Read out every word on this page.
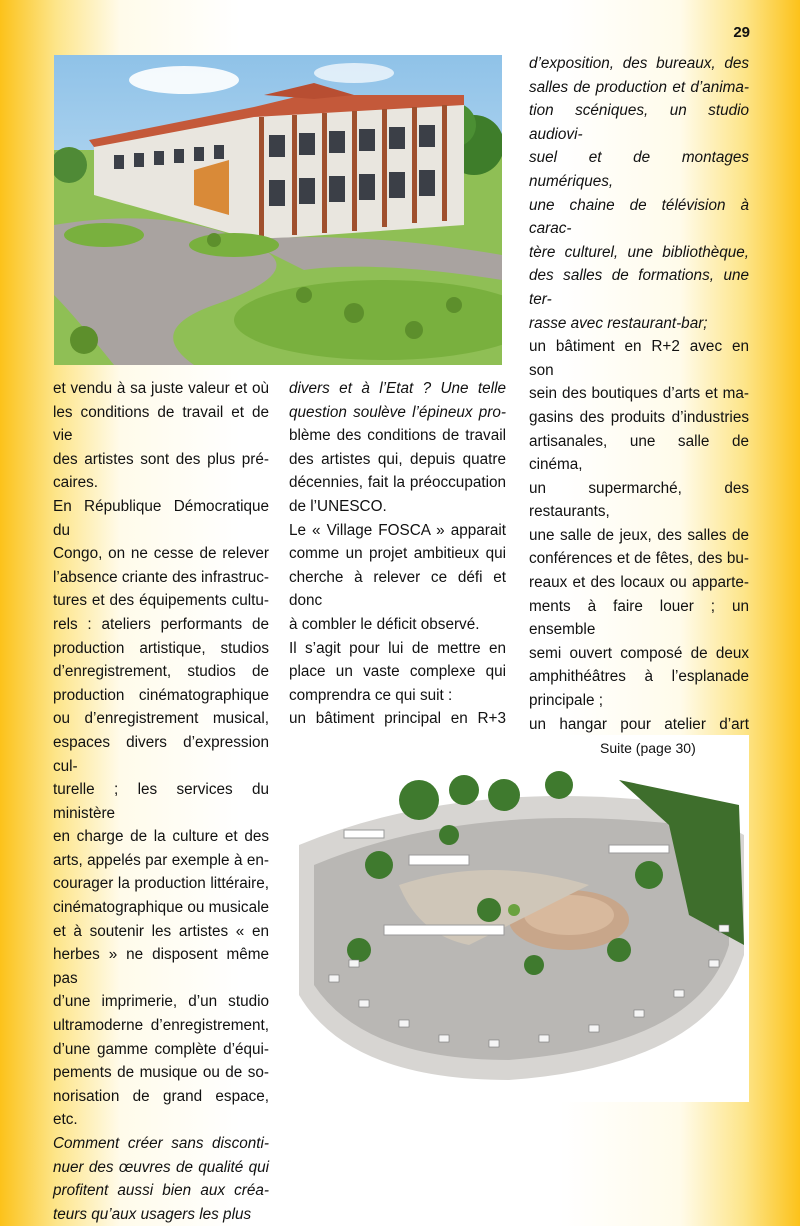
29

et vendu à sa juste valeur et où

les conditions de travail et de vie

des artistes sont des plus pré-

caires.

En République Démocratique du

Congo, on ne cesse de relever

l’absence criante des infrastruc-

tures et des équipements cultu-

rels : ateliers performants de

production artistique, studios

d’enregistrement, studios de

production cinématographique

ou d’enregistrement musical,

espaces divers d’expression cul-

turelle ; les services du ministère

en charge de la culture et des

arts, appelés par exemple à en-

courager la production littéraire,

cinématographique ou musicale

et à soutenir les artistes « en

herbes » ne disposent même pas

d’une imprimerie, d’un studio

ultramoderne d’enregistrement,

d’une gamme complète d’équi-

pements de musique ou de so-

norisation de grand espace, etc.

Comment créer sans disconti-

nuer des œuvres de qualité qui

profitent aussi bien aux créa-

teurs qu’aux usagers les plus

divers et à l’Etat ? Une telle

question soulève l’épineux pro-

blème des conditions de travail

des artistes qui, depuis quatre

décennies, fait la préoccupation

de l’UNESCO.

Le « Village FOSCA » apparait

comme un projet ambitieux qui

cherche à relever ce défi et donc

à combler le déficit observé.

Il s’agit pour lui de mettre en

place un vaste complexe qui

comprendra ce qui suit :

un bâtiment principal en R+3

d’exposition, des bureaux, des

salles de production et d’anima-

tion scéniques, un studio audiovi-

suel et de montages numériques,

une chaine de télévision à carac-

tère culturel, une bibliothèque,

des salles de formations, une ter-

rasse avec restaurant-bar;

un bâtiment en R+2 avec en son

sein des boutiques d’arts et ma-

gasins des produits d’industries

artisanales, une salle de cinéma,

un supermarché, des restaurants,

une salle de jeux, des salles de

conférences et de fêtes, des bu-

reaux et des locaux ou apparte-

ments à faire louer ; un ensemble

semi ouvert composé de deux

amphithéâtres à l’esplanade

principale ;

un hangar pour atelier d’art

Suite (page 30)
